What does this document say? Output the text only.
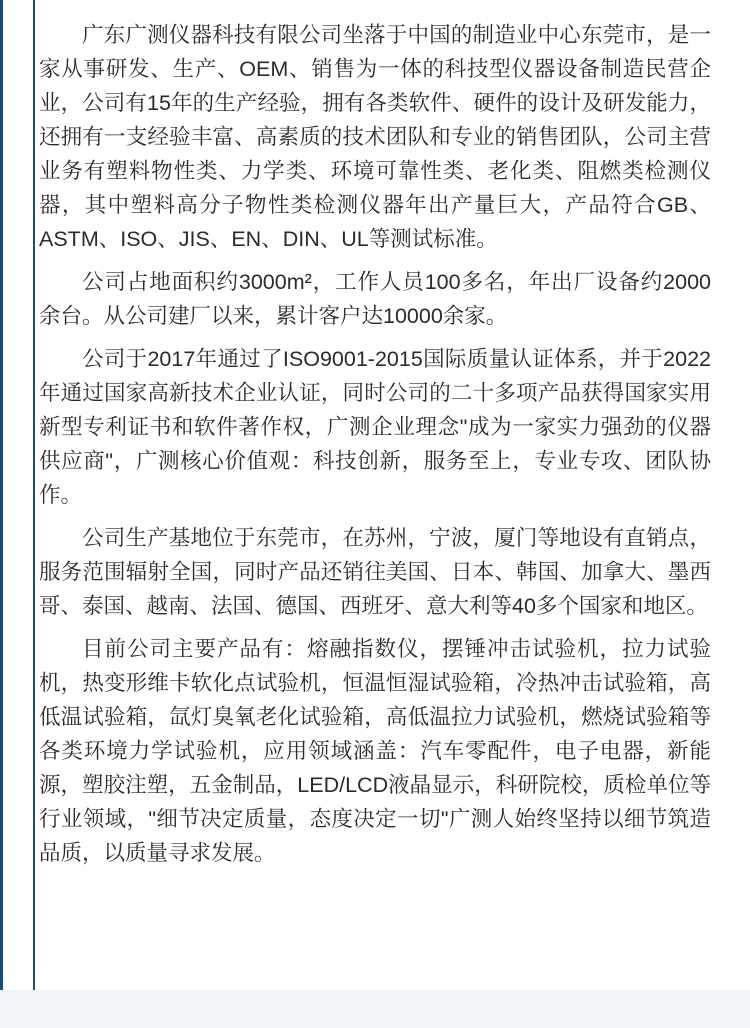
广东广测仪器科技有限公司坐落于中国的制造业中心东莞市，是一家从事研发、生产、OEM、销售为一体的科技型仪器设备制造民营企业，公司有15年的生产经验，拥有各类软件、硬件的设计及研发能力，还拥有一支经验丰富、高素质的技术团队和专业的销售团队，公司主营业务有塑料物性类、力学类、环境可靠性类、老化类、阻燃类检测仪器，其中塑料高分子物性类检测仪器年出产量巨大，产品符合GB、ASTM、ISO、JIS、EN、DIN、UL等测试标准。

公司占地面积约3000m²，工作人员100多名，年出厂设备约2000余台。从公司建厂以来，累计客户达10000余家。

公司于2017年通过了ISO9001-2015国际质量认证体系，并于2022年通过国家高新技术企业认证，同时公司的二十多项产品获得国家实用新型专利证书和软件著作权，广测企业理念"成为一家实力强劲的仪器供应商"，广测核心价值观：科技创新，服务至上，专业专攻、团队协作。

公司生产基地位于东莞市，在苏州，宁波，厦门等地设有直销点，服务范围辐射全国，同时产品还销往美国、日本、韩国、加拿大、墨西哥、泰国、越南、法国、德国、西班牙、意大利等40多个国家和地区。

目前公司主要产品有：熔融指数仪，摆锤冲击试验机，拉力试验机，热变形维卡软化点试验机，恒温恒湿试验箱，冷热冲击试验箱，高低温试验箱，氙灯臭氧老化试验箱，高低温拉力试验机，燃烧试验箱等各类环境力学试验机，应用领域涵盖：汽车零配件，电子电器，新能源，塑胶注塑，五金制品，LED/LCD液晶显示，科研院校，质检单位等行业领域，"细节决定质量，态度决定一切"广测人始终坚持以细节筑造品质，以质量寻求发展。
